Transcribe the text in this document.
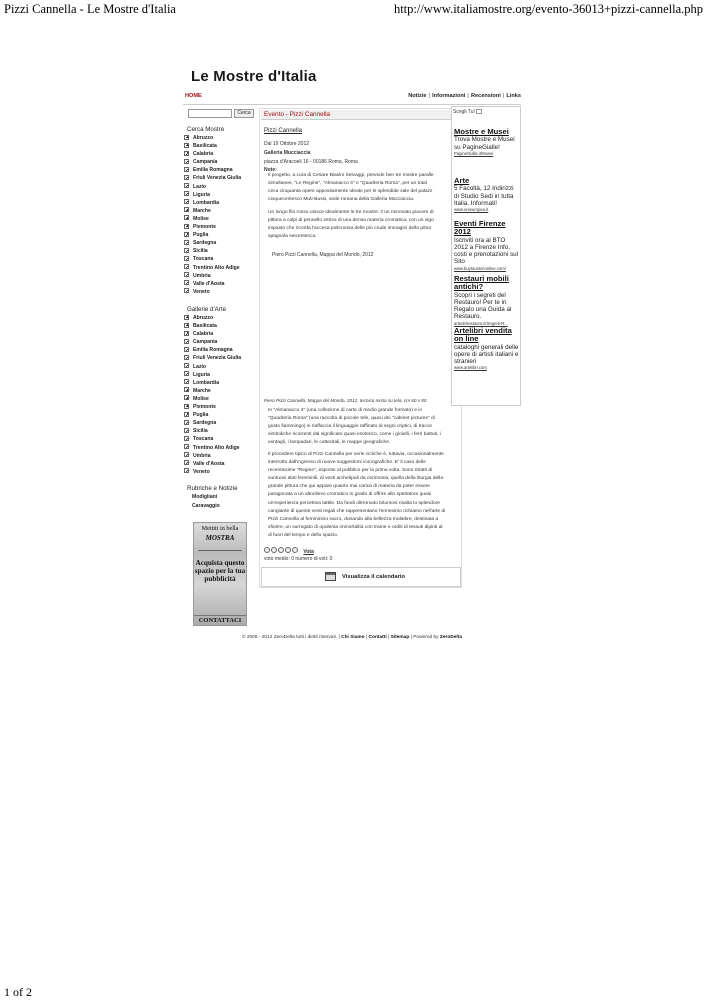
Pizzi Cannella - Le Mostre d'Italia	http://www.italiamostre.org/evento-36013+pizzi-cannella.php
Le Mostre d'Italia
HOME	Notizie | Informazioni | Recensioni | Links
Cerca
Cerca Mostre
Abruzzo
Basilicata
Calabria
Campania
Emilia Romagna
Friuli Venezia Giulia
Lazio
Liguria
Lombardia
Marche
Molise
Piemonte
Puglia
Sardegna
Sicilia
Toscana
Trentino Alto Adige
Umbria
Valle d'Aosta
Veneto
Gallerie d'Arte
Abruzzo
Basilicata
Calabria
Campania
Emilia Romagna
Friuli Venezia Giulia
Lazio
Liguria
Lombardia
Marche
Molise
Piemonte
Puglia
Sardegna
Sicilia
Toscana
Trentino Alto Adige
Umbria
Valle d'Aosta
Veneto
Rubriche e Notizie
Modigliani
Caravaggio
Mettiti in bella
MOSTRA
Acquista questo spazio per la tua pubblicità
CONTATTACI
Evento - Pizzi Cannella
Pizzi Cannella
Dal 19 Ottobre 2012
Galleria Mucciaccia
piazza d'Aracoeli 16 - 00186 Roma, Roma
Note:
Il progetto, a cura di Cesare Biasini Selvaggi, prevede ben tre mostre paralle
simultanee, "Le Regine", "Almanacco 4" e "Quadreria Roma", per un total
circa cinquanta opere appositamente ideate per le splendide sale del palazz
cinquecentesco Muti-Bussi, sede romana della Galleria Mucciaccia.
Un lungo filo rosso unisce idealmente le tre mostre: il un rinnovato piacere di
pittura a colpi di pennello intriso di una densa materia cromatica, con un vigo
impasto che ricorda l'accesa policromia delle più crude immagini della pittur
spagnola seicentesca.
Piero Pizzi Cannella, Mappa del Mondo, 2012
Piero Pizzi Cannella, Mappa del Mondo, 2012, tecnica mista su tela, cm 60 x 80
In "Almanacco 4" (una collezione di carte di medio grande formato) e in
"Quadreria Roma" (una raccolta di piccole tele, quasi dei "cabinet pictures" di
gusto fiammingo) si riaffaccia il linguaggio raffinato di segni criptici, di tracce
simboliche ricorrenti dal significato quasi esoterico, come i gioielli, i ferri battuti, i
ventagli, i lampadari, le cattedrali, le mappe geografiche.
Il procedere tipico di Pizzi Cannella per serie cicliche è, tuttavia, occasionalmente
interrotto dall'ingresso di nuove suggestioni iconografiche. E' il caso delle
recentissime "Regine", esposte al pubblico per la prima volta. Sono ritratti di
sontuosi abiti femminili, di vesti archetipali da cerimonia, quella della liturgia della
grande pittura che qui appare quanto mai carica di materia da poter essere
paragonata a un altorilievo cromatico in grado di offrire allo spettatore quasi
un'esperienza percettiva tattile. Da fondi oltremodo bitumosi risalta lo splendore
cangiante di queste vesti regali che rappresentano l'ennesimo richiamo nell'arte di
Pizzi Cannella al femminino sacro, donando alla bellezza muliebre, destinata a
sfiorire, un surrogato di opulenta immortalità con trame e orditi di tessuti dipinti al
di fuori del tempo e dello spazio.
Vota
voto medio: 0 numero di voti: 0
Visualizza il calendario
Scegli Tu!
Mostre e Musei
Trova Mostre e Musei su PagineGialle!
PagineGialle.it/Musei
Arte
5 Facoltà, 12 Indirizzi di Studio Sedi in tutta Italia. Informati!
www.unieuropea.it
Eventi Firenze 2012
Iscriviti ora al BTO 2012 a Firenze Info, costi e prenotazioni sul Sito
www.buytourismonline.com/
Restauri mobili antichi?
Scopri i segreti del Restauro! Per te in Regalo una Guida al Restauro.
artedelrestauro.it/Segreti-R...
Artelibri vendita on line
cataloghi generali delle opere di artisti italiani e stranieri
www.artelibri.com
© 2006 - 2012 ZeroDelta tutti i diritti riservati. | Chi Siamo | Contatti | Sitemap | Powered by ZeroDelta
1 of 2
